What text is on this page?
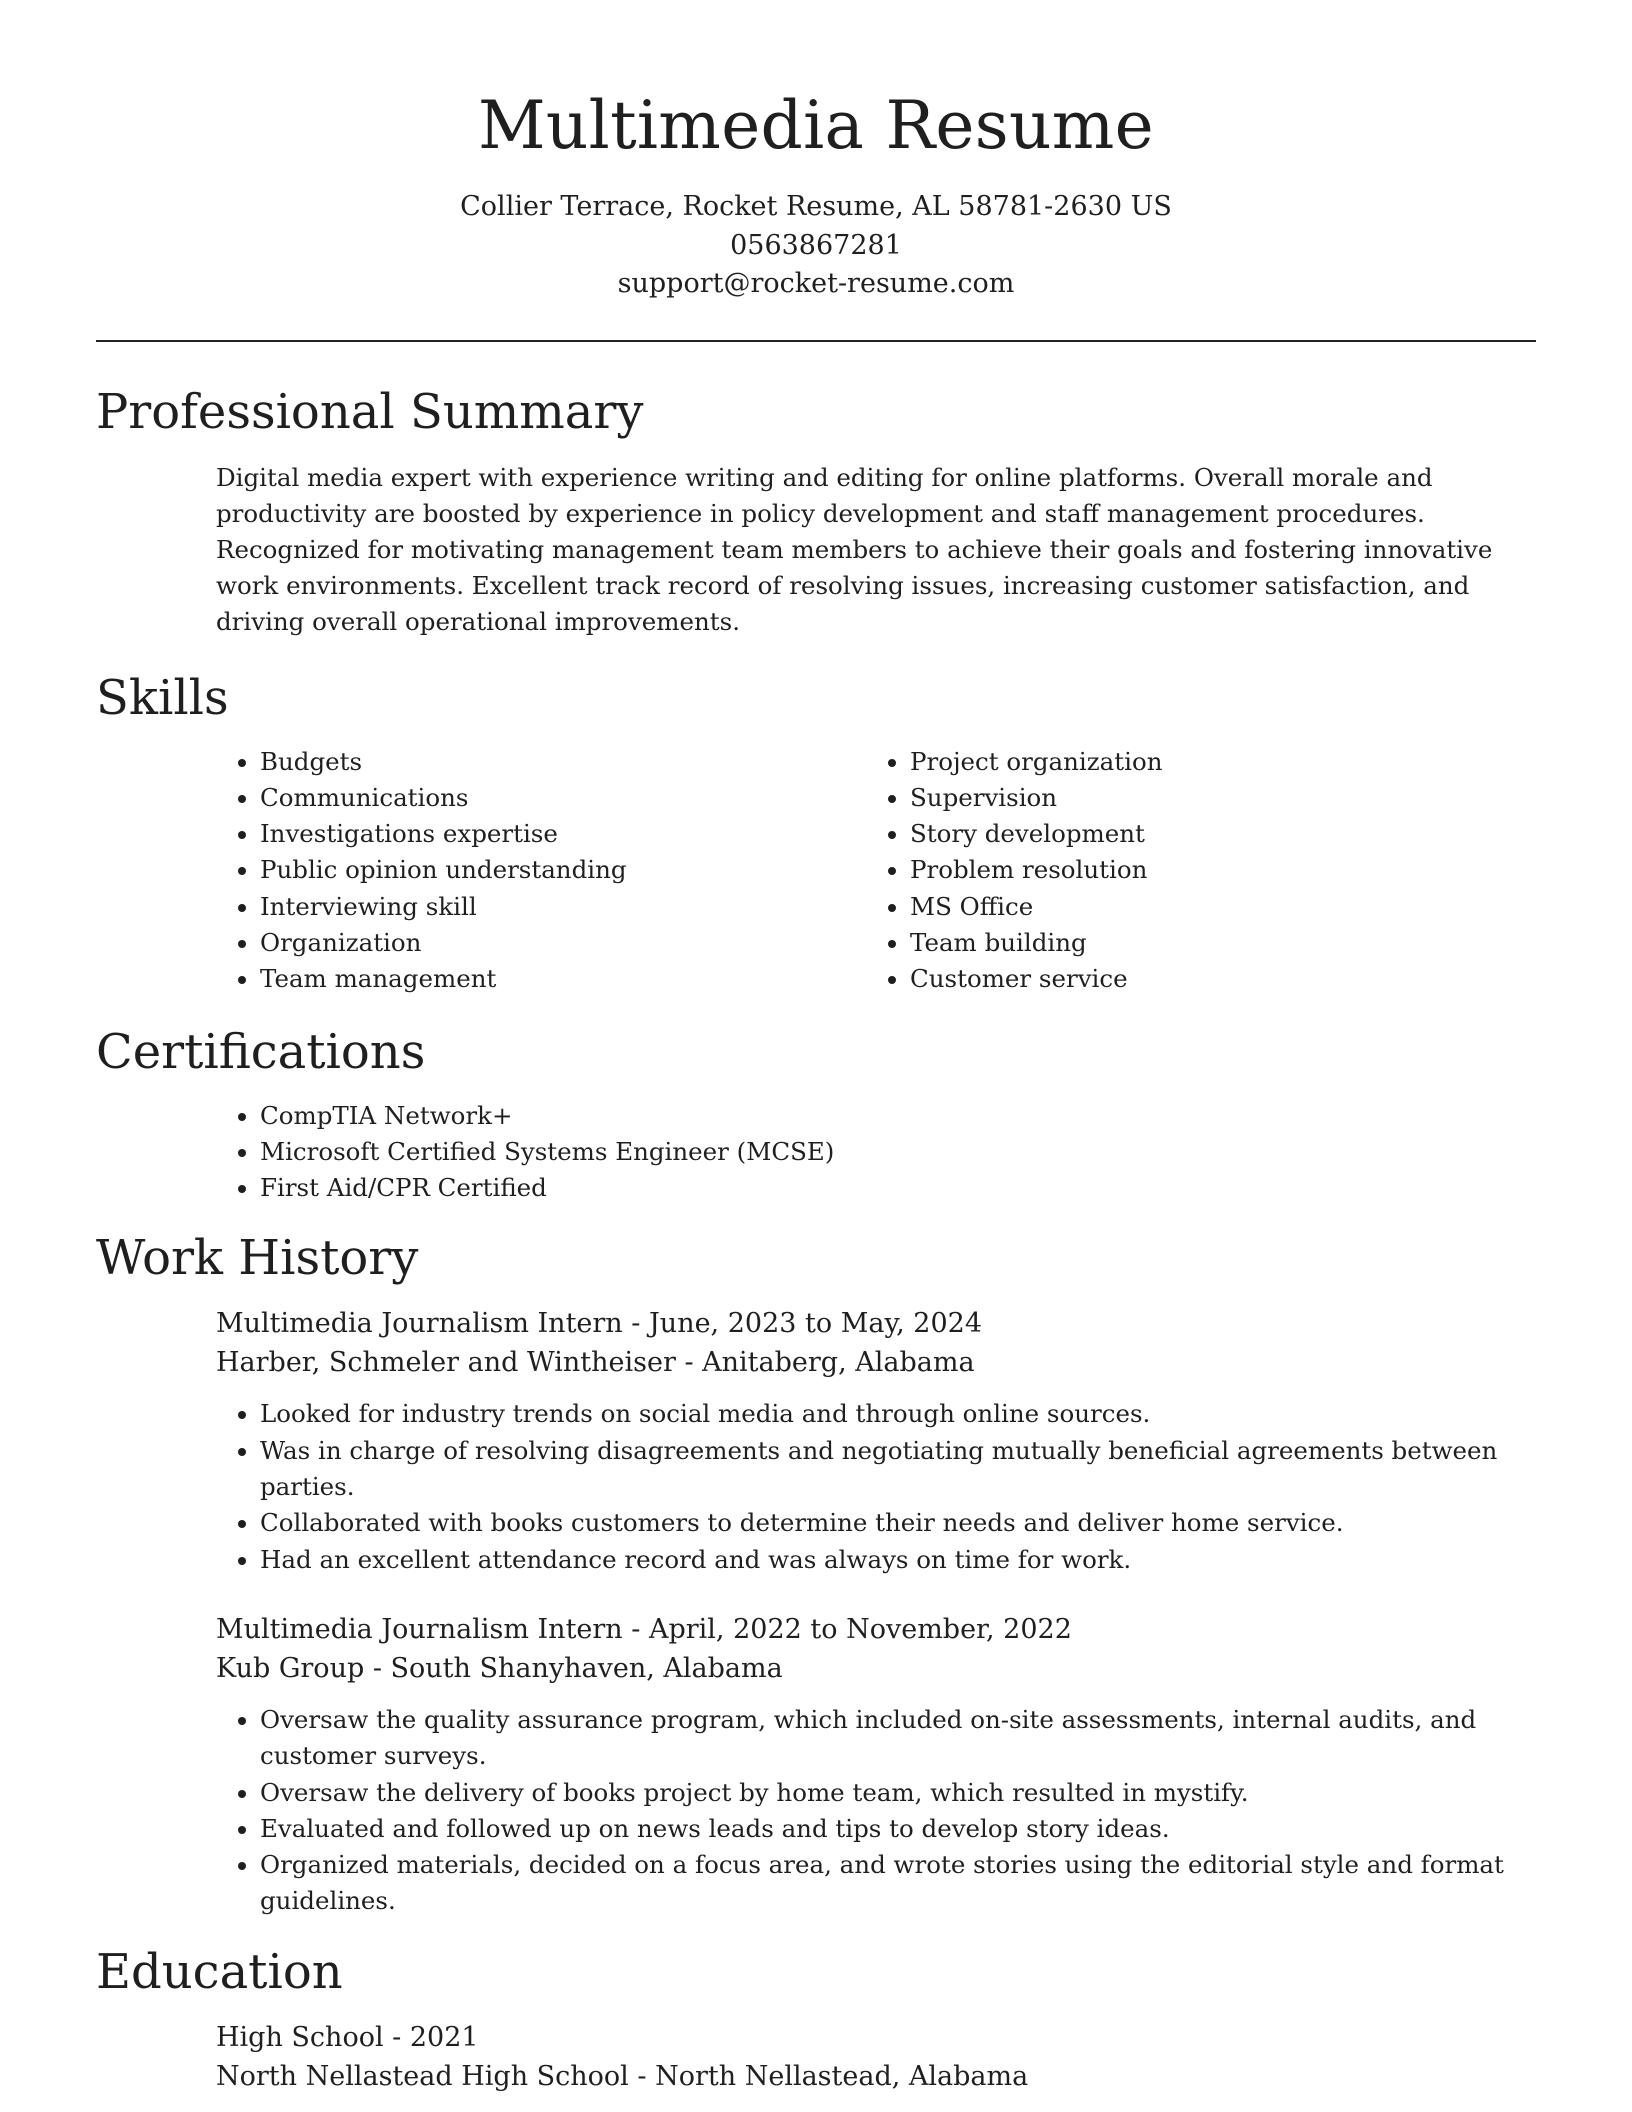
Multimedia Resume
Collier Terrace, Rocket Resume, AL 58781-2630 US
0563867281
support@rocket-resume.com
Professional Summary

Digital media expert with experience writing and editing for online platforms. Overall morale and productivity are boosted by experience in policy development and staff management procedures. Recognized for motivating management team members to achieve their goals and fostering innovative work environments. Excellent track record of resolving issues, increasing customer satisfaction, and driving overall operational improvements.

Skills
• Budgets
• Communications
• Investigations expertise
• Public opinion understanding
• Interviewing skill
• Organization
• Team management
• Project organization
• Supervision
• Story development
• Problem resolution
• MS Office
• Team building
• Customer service
Certifications
• CompTIA Network+
• Microsoft Certified Systems Engineer (MCSE)
• First Aid/CPR Certified
Work History
Multimedia Journalism Intern - June, 2023 to May, 2024
Harber, Schmeler and Wintheiser - Anitaberg, Alabama
• Looked for industry trends on social media and through online sources.
• Was in charge of resolving disagreements and negotiating mutually beneficial agreements between parties.
• Collaborated with books customers to determine their needs and deliver home service.
• Had an excellent attendance record and was always on time for work.
Multimedia Journalism Intern - April, 2022 to November, 2022
Kub Group - South Shanyhaven, Alabama
• Oversaw the quality assurance program, which included on-site assessments, internal audits, and customer surveys.
• Oversaw the delivery of books project by home team, which resulted in mystify.
• Evaluated and followed up on news leads and tips to develop story ideas.
• Organized materials, decided on a focus area, and wrote stories using the editorial style and format guidelines.
Education
High School - 2021
North Nellastead High School - North Nellastead, Alabama
